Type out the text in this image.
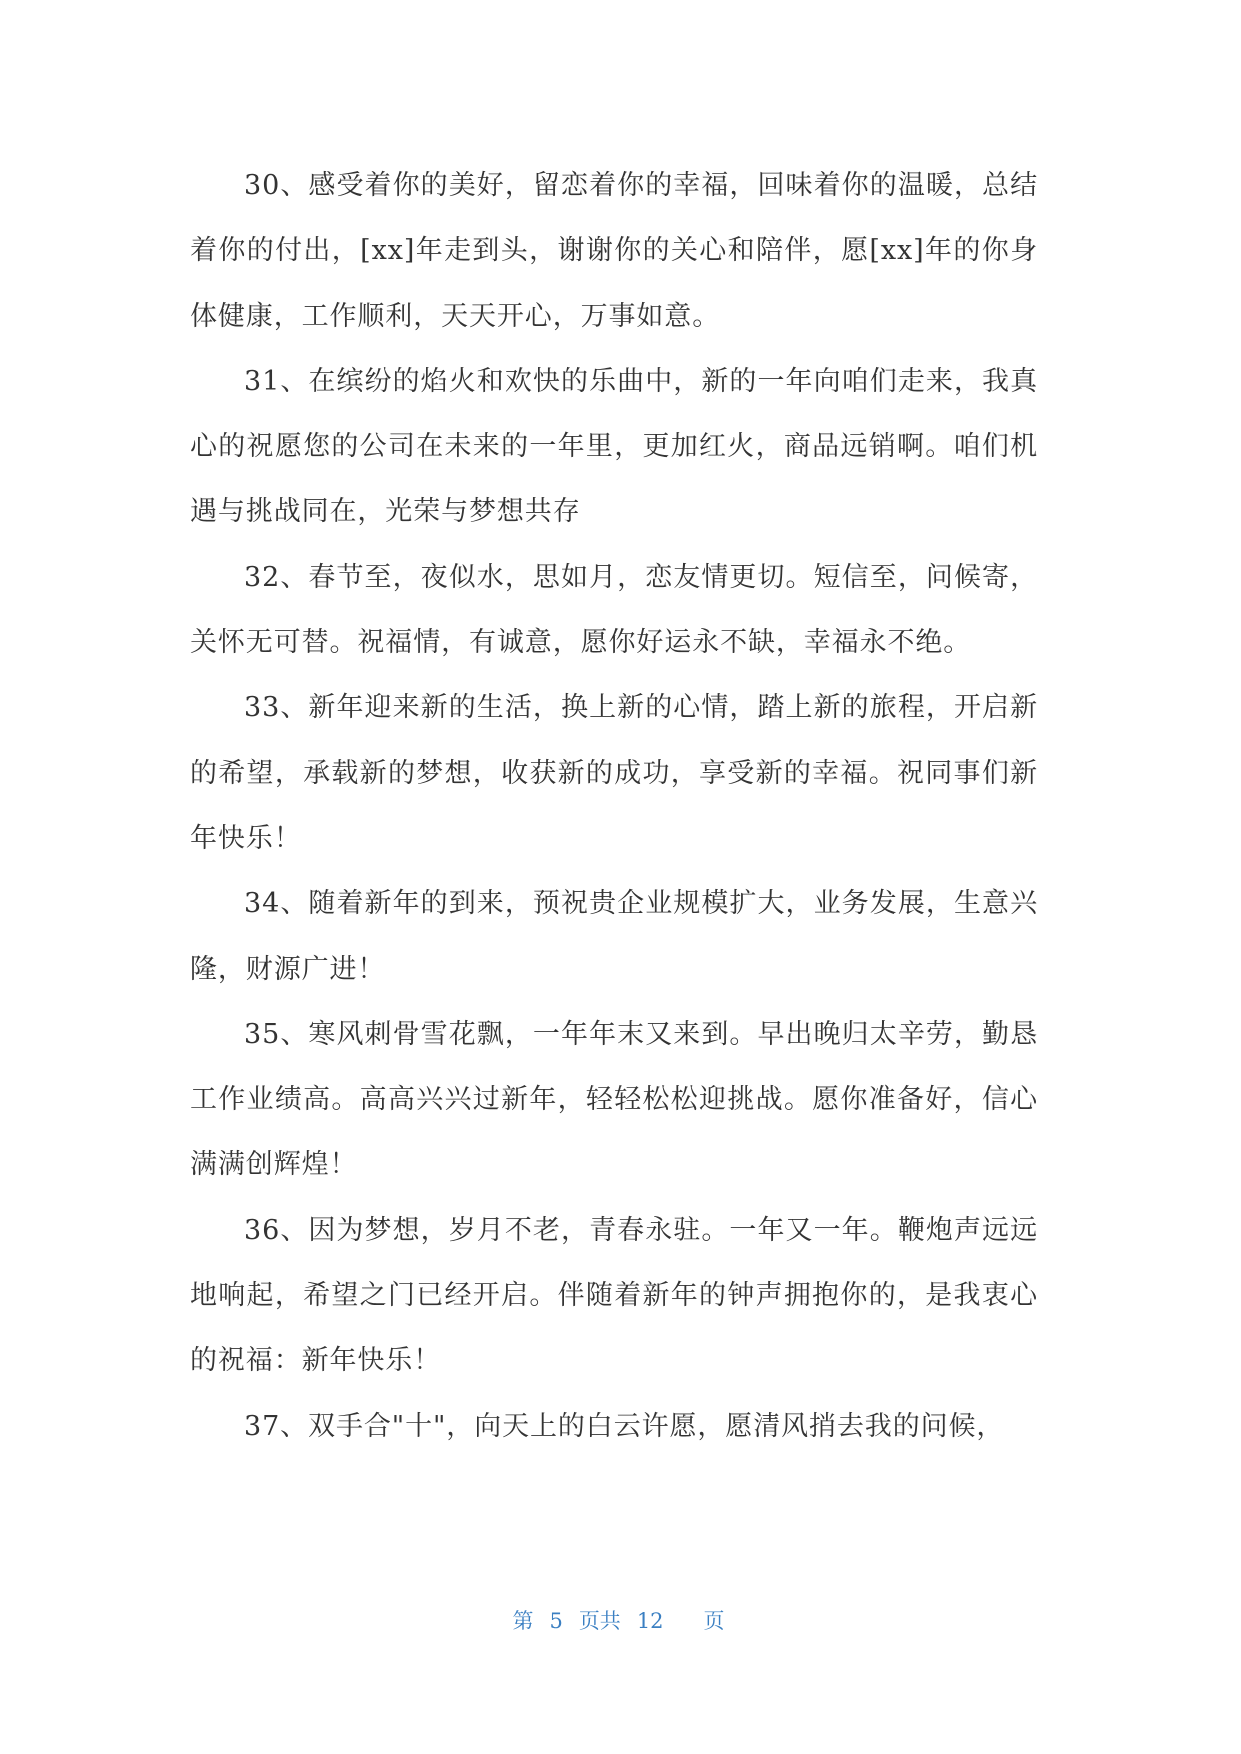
30、感受着你的美好，留恋着你的幸福，回味着你的温暖，总结着你的付出，[xx]年走到头，谢谢你的关心和陪伴，愿[xx]年的你身体健康，工作顺利，天天开心，万事如意。

31、在缤纷的焰火和欢快的乐曲中，新的一年向咱们走来，我真心的祝愿您的公司在未来的一年里，更加红火，商品远销啊。咱们机遇与挑战同在，光荣与梦想共存

32、春节至，夜似水，思如月，恋友情更切。短信至，问候寄，关怀无可替。祝福情，有诚意，愿你好运永不缺，幸福永不绝。

33、新年迎来新的生活，换上新的心情，踏上新的旅程，开启新的希望，承载新的梦想，收获新的成功，享受新的幸福。祝同事们新年快乐！

34、随着新年的到来，预祝贵企业规模扩大，业务发展，生意兴隆，财源广进！

35、寒风刺骨雪花飘，一年年末又来到。早出晚归太辛劳，勤恳工作业绩高。高高兴兴过新年，轻轻松松迎挑战。愿你准备好，信心满满创辉煌！

36、因为梦想，岁月不老，青春永驻。一年又一年。鞭炮声远远地响起，希望之门已经开启。伴随着新年的钟声拥抱你的，是我衷心的祝福：新年快乐！

37、双手合"十"，向天上的白云许愿，愿清风捎去我的问候，

第 5 页共 12 页
